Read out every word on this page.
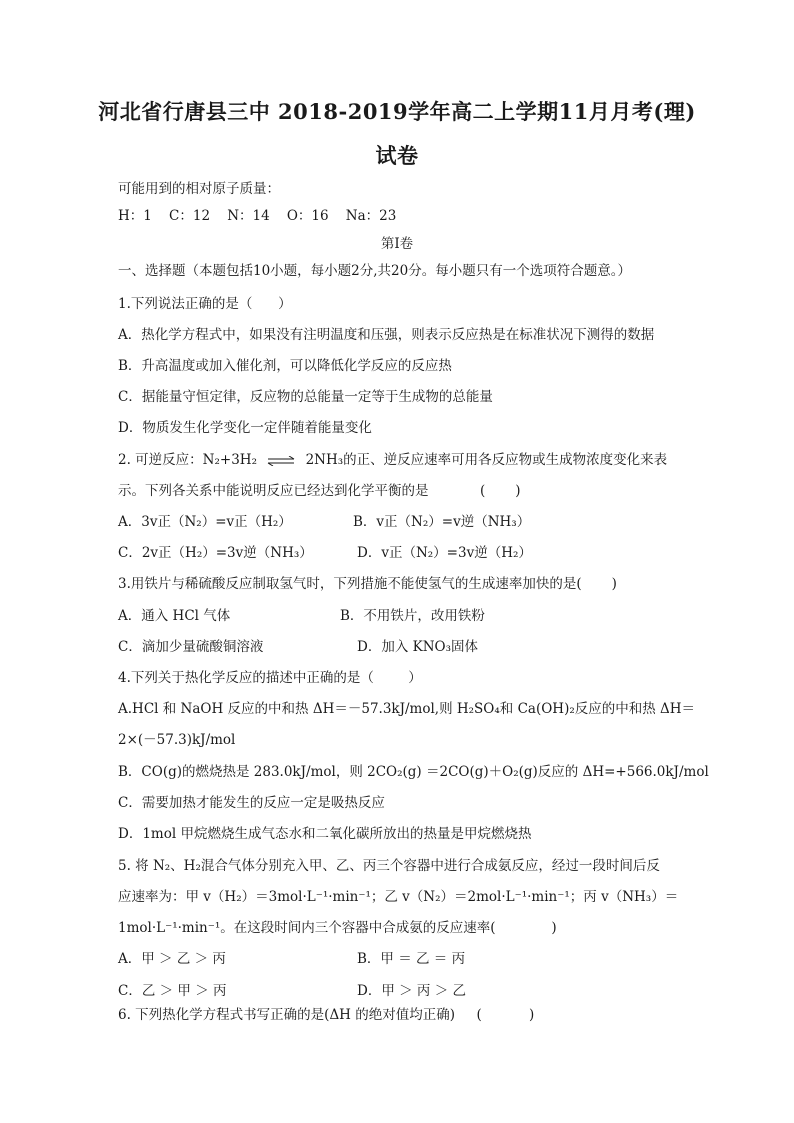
河北省行唐县三中 2018-2019学年高二上学期11月月考(理)
试卷
可能用到的相对原子质量：
H：1    C：12    N：14    O：16    Na：23
第Ⅰ卷
一、选择题（本题包括10小题，每小题2分,共20分。每小题只有一个选项符合题意。）
1.下列说法正确的是（      ）
A．热化学方程式中，如果没有注明温度和压强，则表示反应热是在标准状况下测得的数据
B．升高温度或加入催化剂，可以降低化学反应的反应热
C．据能量守恒定律，反应物的总能量一定等于生成物的总能量
D．物质发生化学变化一定伴随着能量变化
2. 可逆反应：N₂+3H₂ ⇌ 2NH₃的正、逆反应速率可用各反应物或生成物浓度变化来表
示。下列各关系中能说明反应已经达到化学平衡的是            (       )
A．3v正（N₂）=v正（H₂）	B．v正（N₂）=v逆（NH₃）
C．2v正（H₂）=3v逆（NH₃）	D．v正（N₂）=3v逆（H₂）
3.用铁片与稀硫酸反应制取氢气时，下列措施不能使氢气的生成速率加快的是(       )
A．通入 HCl 气体	B．不用铁片，改用铁粉
C．滴加少量硫酸铜溶液	D．加入 KNO₃固体
4.下列关于热化学反应的描述中正确的是（        ）
A.HCl 和 NaOH 反应的中和热 ΔH＝－57.3kJ/mol,则 H₂SO₄和 Ca(OH)₂反应的中和热 ΔH＝
2×(－57.3)kJ/mol
B．CO(g)的燃烧热是 283.0kJ/mol，则 2CO₂(g) ＝2CO(g)＋O₂(g)反应的 ΔH=+566.0kJ/mol
C．需要加热才能发生的反应一定是吸热反应
D．1mol 甲烷燃烧生成气态水和二氧化碳所放出的热量是甲烷燃烧热
5. 将 N₂、H₂混合气体分别充入甲、乙、丙三个容器中进行合成氨反应，经过一段时间后反
应速率为：甲 v（H₂）＝3mol·L⁻¹·min⁻¹；乙 v（N₂）＝2mol·L⁻¹·min⁻¹；丙 v（NH₃）＝
1mol·L⁻¹·min⁻¹。在这段时间内三个容器中合成氨的反应速率(             )
A．甲 ＞ 乙 ＞ 丙	B．甲 ＝ 乙 ＝ 丙
C．乙 ＞ 甲 ＞ 丙	D．甲 ＞ 丙 ＞ 乙
6. 下列热化学方程式书写正确的是(ΔH 的绝对值均正确)     (           )
